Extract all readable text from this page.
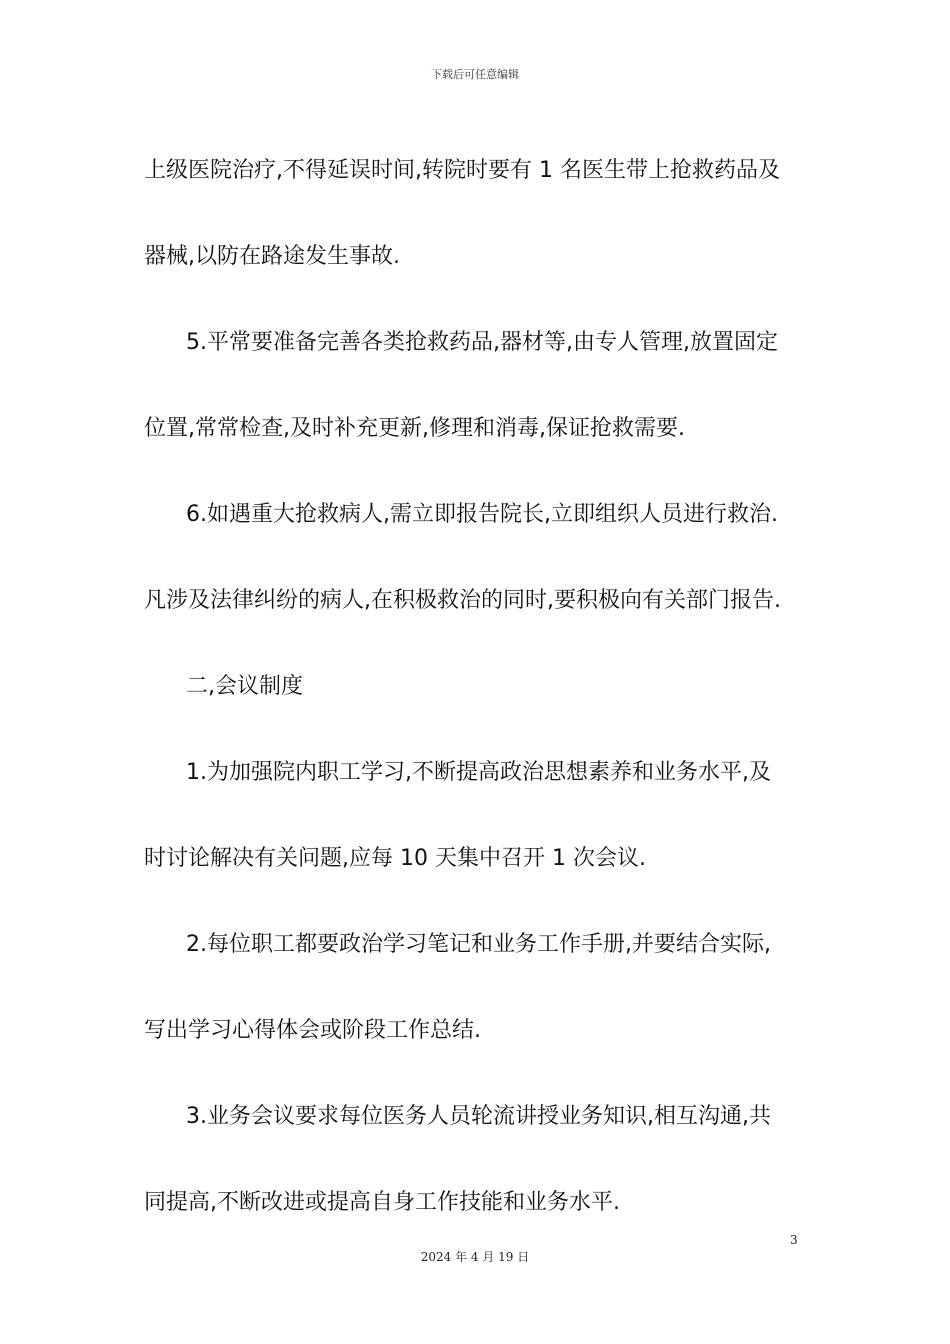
下载后可任意编辑
上级医院治疗,不得延误时间,转院时要有 1 名医生带上抢救药品及
器械,以防在路途发生事故.
5.平常要准备完善各类抢救药品,器材等,由专人管理,放置固定
位置,常常检查,及时补充更新,修理和消毒,保证抢救需要.
6.如遇重大抢救病人,需立即报告院长,立即组织人员进行救治.
凡涉及法律纠纷的病人,在积极救治的同时,要积极向有关部门报告.
二,会议制度
1.为加强院内职工学习,不断提高政治思想素养和业务水平,及
时讨论解决有关问题,应每 10 天集中召开 1 次会议.
2.每位职工都要政治学习笔记和业务工作手册,并要结合实际,
写出学习心得体会或阶段工作总结.
3.业务会议要求每位医务人员轮流讲授业务知识,相互沟通,共
同提高,不断改进或提高自身工作技能和业务水平.
3
2024 年 4 月 19 日
